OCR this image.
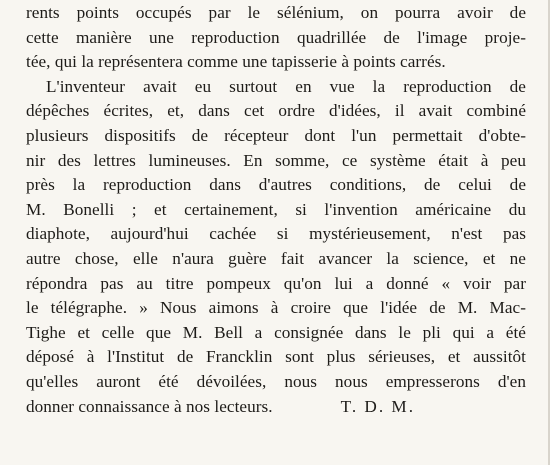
rents points occupés par le sélénium, on pourra avoir de
cette manière une reproduction quadrillée de l'image proje-
tée, qui la représentera comme une tapisserie à points carrés.
L'inventeur avait eu surtout en vue la reproduction de
dépêches écrites, et, dans cet ordre d'idées, il avait combiné
plusieurs dispositifs de récepteur dont l'un permettait d'obte-
nir des lettres lumineuses. En somme, ce système était à peu
près la reproduction dans d'autres conditions, de celui de
M. Bonelli ; et certainement, si l'invention américaine du
diaphote, aujourd'hui cachée si mystérieusement, n'est pas
autre chose, elle n'aura guère fait avancer la science, et ne
répondra pas au titre pompeux qu'on lui a donné « voir par
le télégraphe. » Nous aimons à croire que l'idée de M. Mac-
Tighe et celle que M. Bell a consignée dans le pli qui a été
déposé à l'Institut de Francklin sont plus sérieuses, et aussitôt
qu'elles auront été dévoilées, nous nous empresserons d'en
donner connaissance à nos lecteurs.	T. D. M.
